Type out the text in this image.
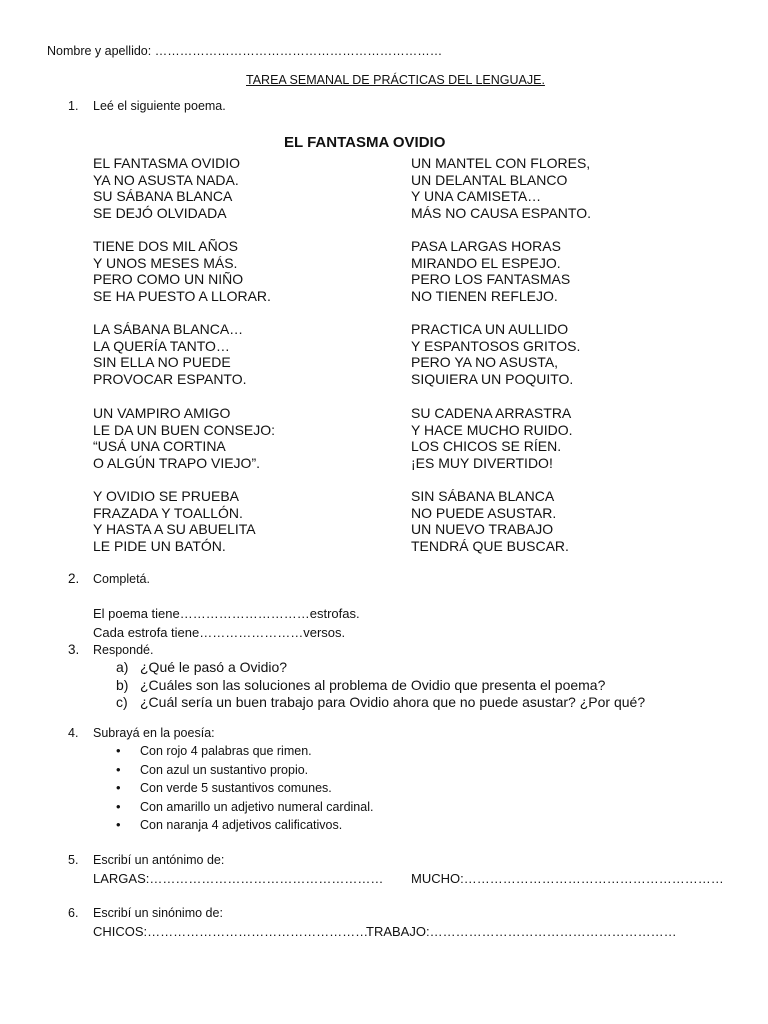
Nombre y apellido: ……………………………………………………………
TAREA SEMANAL DE PRÁCTICAS DEL LENGUAJE.
1. Leé el siguiente poema.
EL FANTASMA OVIDIO
EL FANTASMA OVIDIO
YA NO ASUSTA NADA.
SU SÁBANA BLANCA
SE DEJÓ OLVIDADA
TIENE DOS MIL AÑOS
Y UNOS MESES MÁS.
PERO COMO UN NIÑO
SE HA PUESTO A LLORAR.
LA SÁBANA BLANCA…
LA QUERÍA TANTO…
SIN ELLA NO PUEDE
PROVOCAR ESPANTO.
UN VAMPIRO AMIGO
LE DA UN BUEN CONSEJO:
“USÁ UNA CORTINA
O ALGÚN TRAPO VIEJO”.
Y OVIDIO SE PRUEBA
FRAZADA Y TOALLÓN.
Y HASTA A SU ABUELITA
LE PIDE UN BATÓN.
UN MANTEL CON FLORES,
UN DELANTAL BLANCO
Y UNA CAMISETA…
MÁS NO CAUSA ESPANTO.
PASA LARGAS HORAS
MIRANDO EL ESPEJO.
PERO LOS FANTASMAS
NO TIENEN REFLEJO.
PRACTICA UN AULLIDO
Y ESPANTOSOS GRITOS.
PERO YA NO ASUSTA,
SIQUIERA UN POQUITO.
SU CADENA ARRASTRA
Y HACE MUCHO RUIDO.
LOS CHICOS SE RÍEN.
¡ES MUY DIVERTIDO!
SIN SÁBANA BLANCA
NO PUEDE ASUSTAR.
UN NUEVO TRABAJO
TENDRÁ QUE BUSCAR.
2. Completá.
El poema tiene…………………………estrofas.
Cada estrofa tiene……………………versos.
3. Respondé.
a) ¿Qué le pasó a Ovidio?
b) ¿Cuáles son las soluciones al problema de Ovidio que presenta el poema?
c) ¿Cuál sería un buen trabajo para Ovidio ahora que no puede asustar? ¿Por qué?
4. Subrayá en la poesía:
• Con rojo 4 palabras que rimen.
• Con azul un sustantivo propio.
• Con verde 5 sustantivos comunes.
• Con amarillo un adjetivo numeral cardinal.
• Con naranja 4 adjetivos calificativos.
5. Escribí un antónimo de:
LARGAS:……………………………………………… MUCHO:……………………………………………………
6. Escribí un sinónimo de:
CHICOS:……………………………………………
TRABAJO:…………………………………………………
